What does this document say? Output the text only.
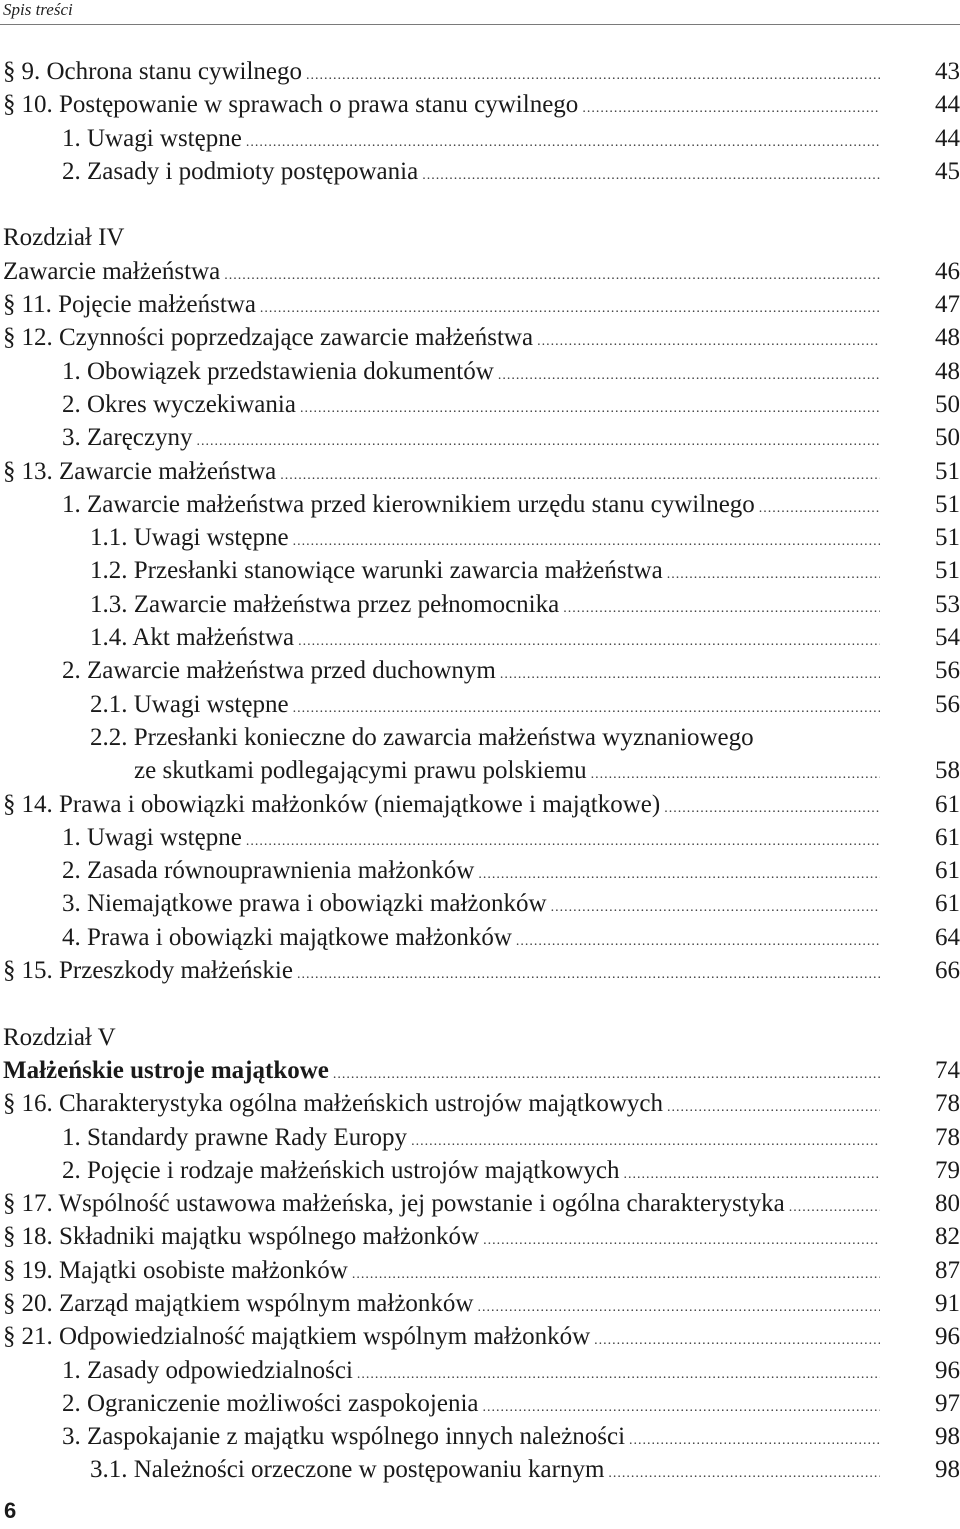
Spis treści
§ 9. Ochrona stanu cywilnego .....	43
§ 10. Postępowanie w sprawach o prawa stanu cywilnego .....	44
1. Uwagi wstępne .....	44
2. Zasady i podmioty postępowania .....	45
Rozdział IV
Zawarcie małżeństwa .....	46
§ 11. Pojęcie małżeństwa .....	47
§ 12. Czynności poprzedzające zawarcie małżeństwa .....	48
1. Obowiązek przedstawienia dokumentów .....	48
2. Okres wyczekiwania .....	50
3. Zaręczyny .....	50
§ 13. Zawarcie małżeństwa .....	51
1. Zawarcie małżeństwa przed kierownikiem urzędu stanu cywilnego .....	51
1.1. Uwagi wstępne .....	51
1.2. Przesłanki stanowiące warunki zawarcia małżeństwa .....	51
1.3. Zawarcie małżeństwa przez pełnomocnika .....	53
1.4. Akt małżeństwa .....	54
2. Zawarcie małżeństwa przed duchownym .....	56
2.1. Uwagi wstępne .....	56
2.2. Przesłanki konieczne do zawarcia małżeństwa wyznaniowego
ze skutkami podlegającymi prawu polskiemu .....	58
§ 14. Prawa i obowiązki małżonków (niemajątkowe i majątkowe) .....	61
1. Uwagi wstępne .....	61
2. Zasada równouprawnienia małżonków .....	61
3. Niemajątkowe prawa i obowiązki małżonków .....	61
4. Prawa i obowiązki majątkowe małżonków .....	64
§ 15. Przeszkody małżeńskie .....	66
Rozdział V
Małżeńskie ustroje majątkowe .....	74
§ 16. Charakterystyka ogólna małżeńskich ustrojów majątkowych .....	78
1. Standardy prawne Rady Europy .....	78
2. Pojęcie i rodzaje małżeńskich ustrojów majątkowych .....	79
§ 17. Wspólność ustawowa małżeńska, jej powstanie i ogólna charakterystyka .....	80
§ 18. Składniki majątku wspólnego małżonków .....	82
§ 19. Majątki osobiste małżonków .....	87
§ 20. Zarząd majątkiem wspólnym małżonków .....	91
§ 21. Odpowiedzialność majątkiem wspólnym małżonków .....	96
1. Zasady odpowiedzialności .....	96
2. Ograniczenie możliwości zaspokojenia .....	97
3. Zaspokajanie z majątku wspólnego innych należności .....	98
3.1. Należności orzeczone w postępowaniu karnym .....	98
6
